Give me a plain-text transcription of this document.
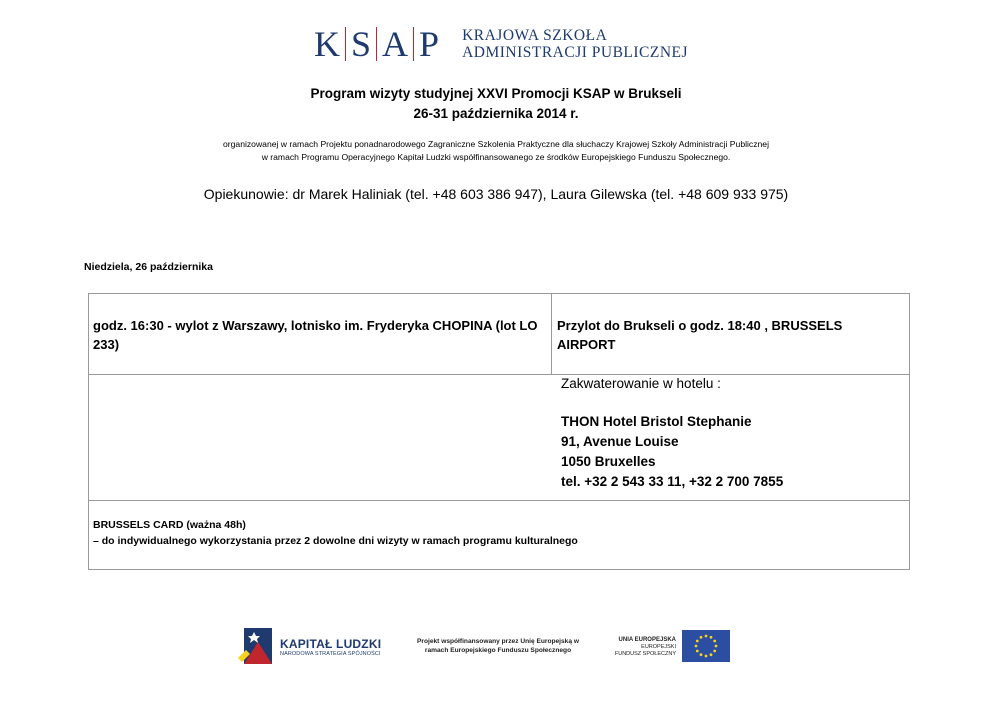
K S A P	KRAJOWA SZKOŁA
ADMINISTRACJI PUBLICZNEJ
Program wizyty studyjnej XXVI Promocji KSAP w Brukseli
26-31 października 2014 r.
organizowanej w ramach Projektu ponadnarodowego Zagraniczne Szkolenia Praktyczne dla słuchaczy Krajowej Szkoły Administracji Publicznej
w ramach Programu Operacyjnego Kapitał Ludzki współfinansowanego ze środków Europejskiego Funduszu Społecznego.
Opiekunowie: dr Marek Haliniak (tel. +48 603 386 947), Laura Gilewska (tel. +48 609 933 975)
Niedziela, 26 października
godz. 16:30 - wylot z Warszawy, lotnisko im. Fryderyka CHOPINA (lot LO 233)
Przylot do Brukseli o godz. 18:40 , BRUSSELS AIRPORT
Zakwaterowanie w hotelu :
THON Hotel Bristol Stephanie
91, Avenue Louise
1050 Bruxelles
tel. +32 2 543 33 11, +32 2 700 7855
BRUSSELS CARD (ważna 48h)
– do indywidualnego wykorzystania przez 2 dowolne dni wizyty w ramach programu kulturalnego
KAPITAŁ LUDZKI
NARODOWA STRATEGIA SPÓJNOŚCI
Projekt współfinansowany przez Unię Europejską w
ramach Europejskiego Funduszu Społecznego
UNIA EUROPEJSKA
EUROPEJSKI
FUNDUSZ SPOŁECZNY
